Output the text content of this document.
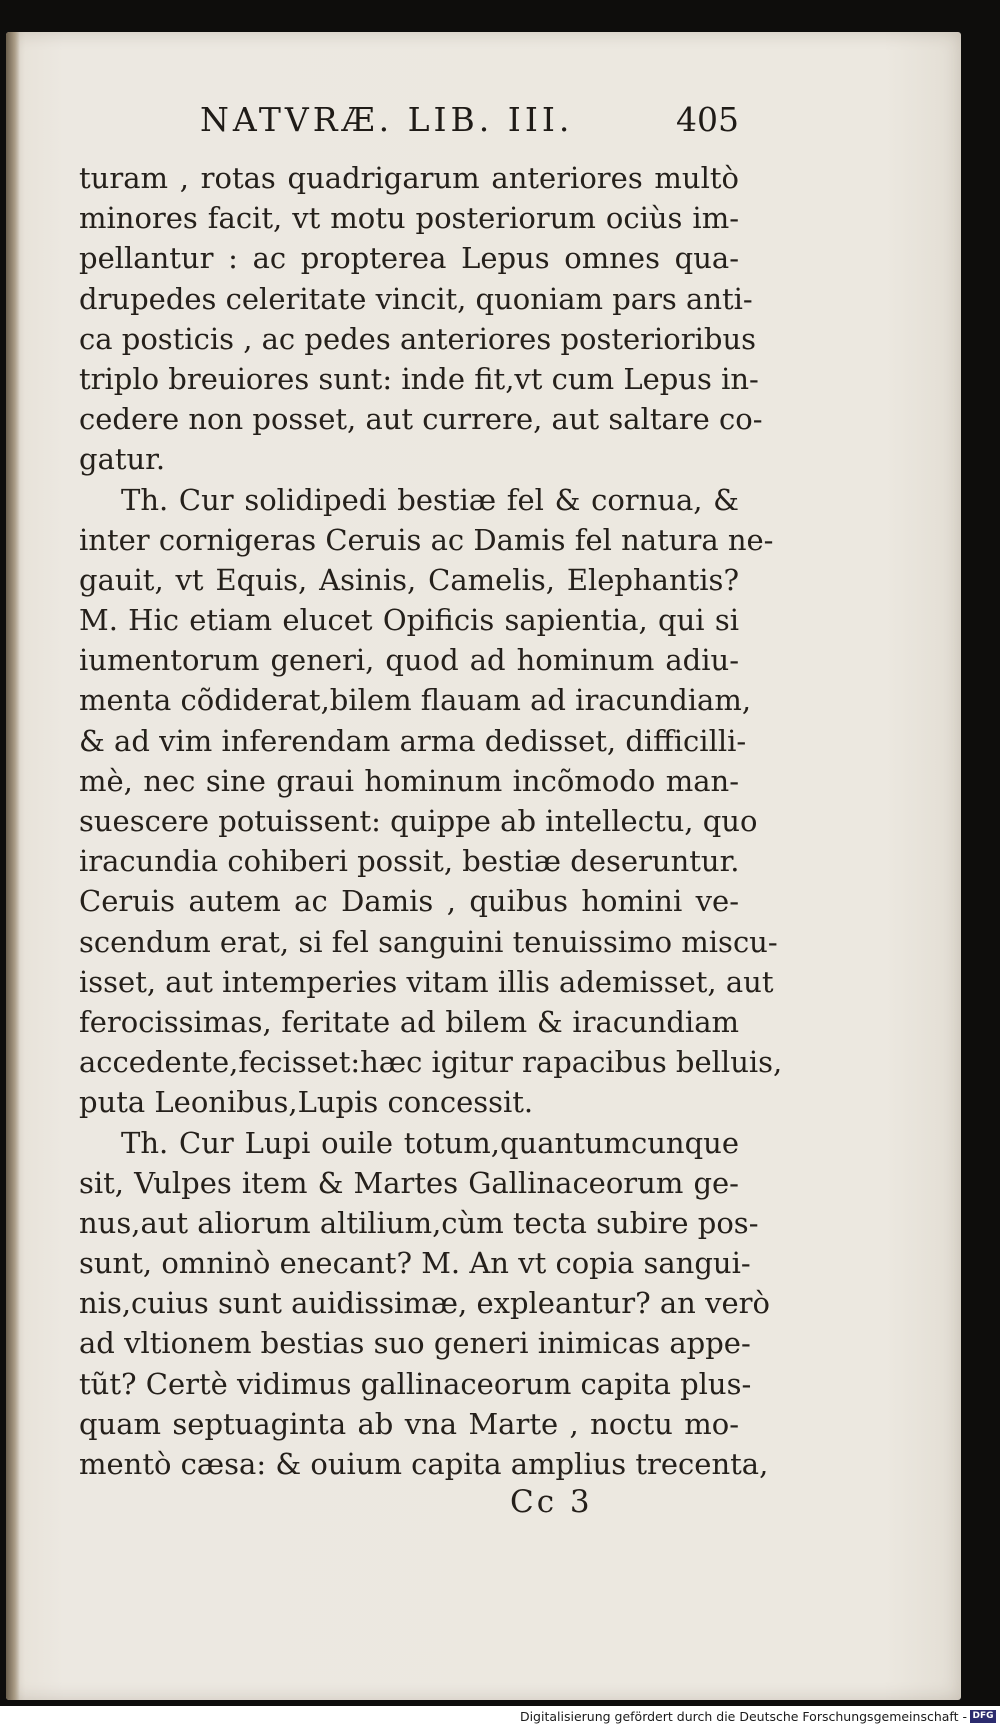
NATVRÆ. LIB. III.	405
turam , rotas quadrigarum anteriores multò
minores facit, vt motu posteriorum ociùs im-
pellantur : ac propterea Lepus omnes qua-
drupedes celeritate vincit, quoniam pars anti-
ca posticis , ac pedes anteriores posterioribus
triplo breuiores sunt: inde fit,vt cum Lepus in-
cedere non posset, aut currere, aut saltare co-
gatur.
Th. Cur solidipedi bestiæ fel & cornua, &
inter cornigeras Ceruis ac Damis fel natura ne-
gauit, vt Equis, Asinis, Camelis, Elephantis?
M. Hic etiam elucet Opificis sapientia, qui si
iumentorum generi, quod ad hominum adiu-
menta cõdiderat,bilem flauam ad iracundiam,
& ad vim inferendam arma dedisset, difficilli-
mè, nec sine graui hominum incõmodo man-
suescere potuissent: quippe ab intellectu, quo
iracundia cohiberi possit, bestiæ deseruntur.
Ceruis autem ac Damis , quibus homini ve-
scendum erat, si fel sanguini tenuissimo miscu-
isset, aut intemperies vitam illis ademisset, aut
ferocissimas, feritate ad bilem & iracundiam
accedente,fecisset:hæc igitur rapacibus belluis,
puta Leonibus,Lupis concessit.
Th. Cur Lupi ouile totum,quantumcunque
sit, Vulpes item & Martes Gallinaceorum ge-
nus,aut aliorum altilium,cùm tecta subire pos-
sunt, omninò enecant? M. An vt copia sangui-
nis,cuius sunt auidissimæ, expleantur? an verò
ad vltionem bestias suo generi inimicas appe-
tũt? Certè vidimus gallinaceorum capita plus-
quam septuaginta ab vna Marte , noctu mo-
mentò cæsa: & ouium capita amplius trecenta,
Cc 3
Digitalisierung gefördert durch die Deutsche Forschungsgemeinschaft - DFG
